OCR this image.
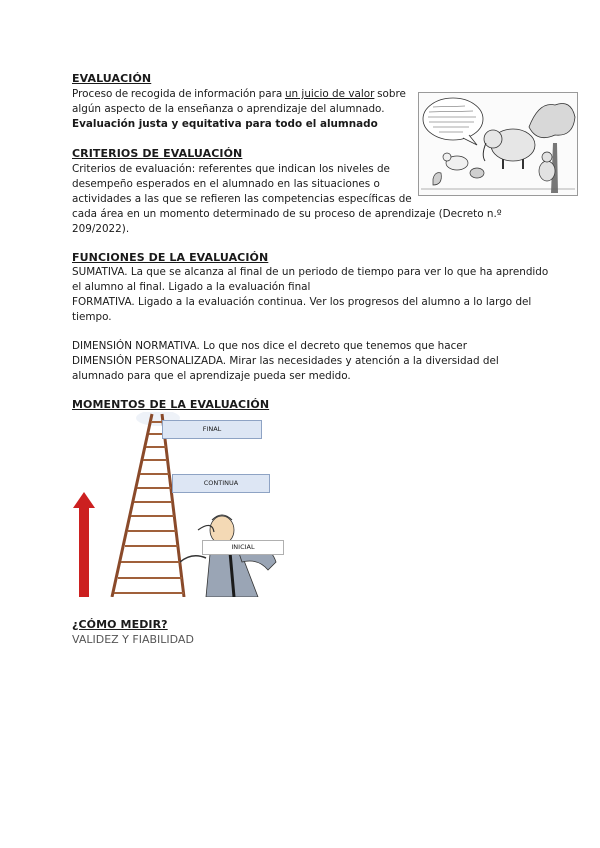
EVALUACIÓN

Proceso de recogida de información para un juicio de valor sobre

algún aspecto de la enseñanza o aprendizaje del alumnado.

Evaluación justa y equitativa para todo el alumnado

CRITERIOS DE EVALUACIÓN

Criterios de evaluación: referentes que indican los niveles de

desempeño esperados en el alumnado en las situaciones o

actividades a las que se refieren las competencias específicas de

cada área en un momento determinado de su proceso de aprendizaje (Decreto n.º

209/2022).

FUNCIONES DE LA EVALUACIÓN

SUMATIVA. La que se alcanza al final de un periodo de tiempo para ver lo que ha aprendido

el alumno al final. Ligado a la evaluación final

FORMATIVA. Ligado a la evaluación continua. Ver los progresos del alumno a lo largo del

tiempo.

DIMENSIÓN NORMATIVA. Lo que nos dice el decreto que tenemos que hacer

DIMENSIÓN PERSONALIZADA. Mirar las necesidades y atención a la diversidad del

alumnado para que el aprendizaje pueda ser medido.

MOMENTOS DE LA EVALUACIÓN

FINAL
CONTINUA
INICIAL

¿CÓMO MEDIR?

VALIDEZ Y FIABILIDAD
